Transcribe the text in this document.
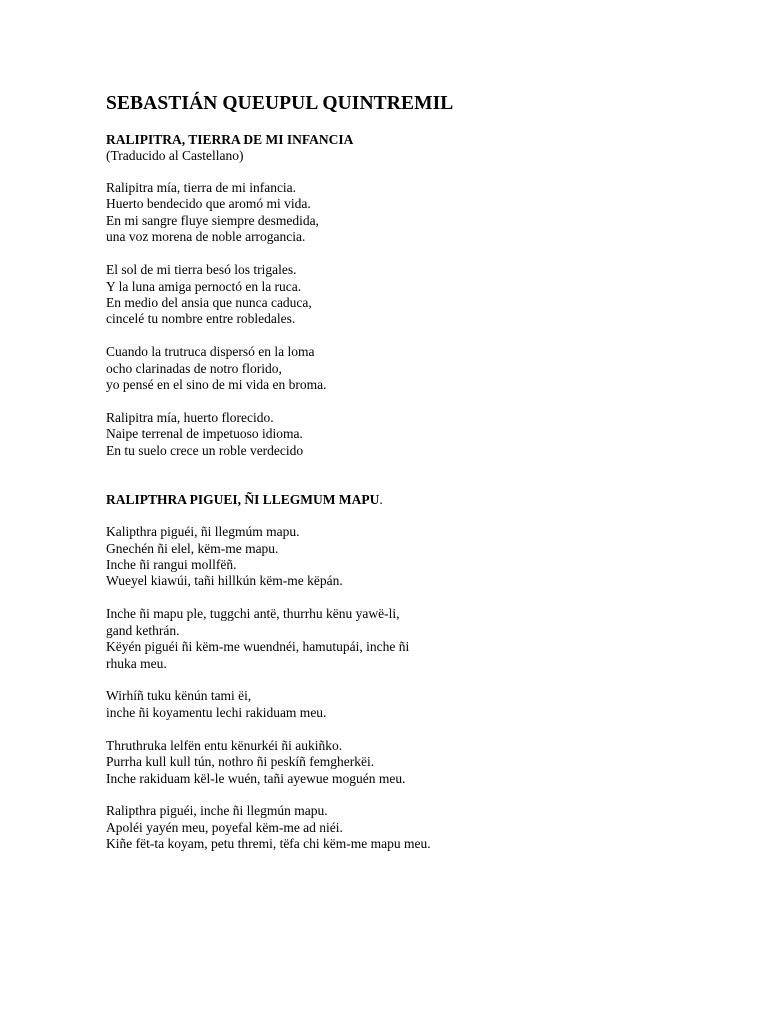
SEBASTIÁN QUEUPUL QUINTREMIL

RALIPITRA, TIERRA DE MI INFANCIA

(Traducido al Castellano)

Ralipitra mía, tierra de mi infancia.
Huerto bendecido que aromó mi vida.
En mi sangre fluye siempre desmedida,
una voz morena de noble arrogancia.
El sol de mi tierra besó los trigales.
Y la luna amiga pernoctó en la ruca.
En medio del ansia que nunca caduca,
cincelé tu nombre entre robledales.
Cuando la trutruca dispersó en la loma
ocho clarinadas de notro florido,
yo pensé en el sino de mi vida en broma.
Ralipitra mía, huerto florecido.
Naipe terrenal de impetuoso idioma.
En tu suelo crece un roble verdecido

RALIPTHRA PIGUEI, ÑI LLEGMUM MAPU.

Kalipthra piguéi, ñi llegmúm mapu.
Gnechén ñi elel, këm-me mapu.
Inche ñi rangui mollfëñ.
Wueyel kiawúi, tañi hillkún këm-me këpán.
Inche ñi mapu ple, tuggchi antë, thurrhu kënu yawë-li,
gand kethrán.
Këyén piguéi ñi këm-me wuendnéi, hamutupái, inche ñi
rhuka meu.
Wirhíñ tuku kënún tami ëi,
inche ñi koyamentu lechi rakiduam meu.
Thruthruka lelfën entu kënurkéi ñi aukiñko.
Purrha kull kull tún, nothro ñi peskíñ femgherkëi.
Inche rakiduam kël-le wuén, tañi ayewue moguén meu.
Ralipthra piguéi, inche ñi llegmún mapu.
Apoléi yayén meu, poyefal këm-me ad niéi.
Kiñe fët-ta koyam, petu thremi, tëfa chi këm-me mapu meu.
